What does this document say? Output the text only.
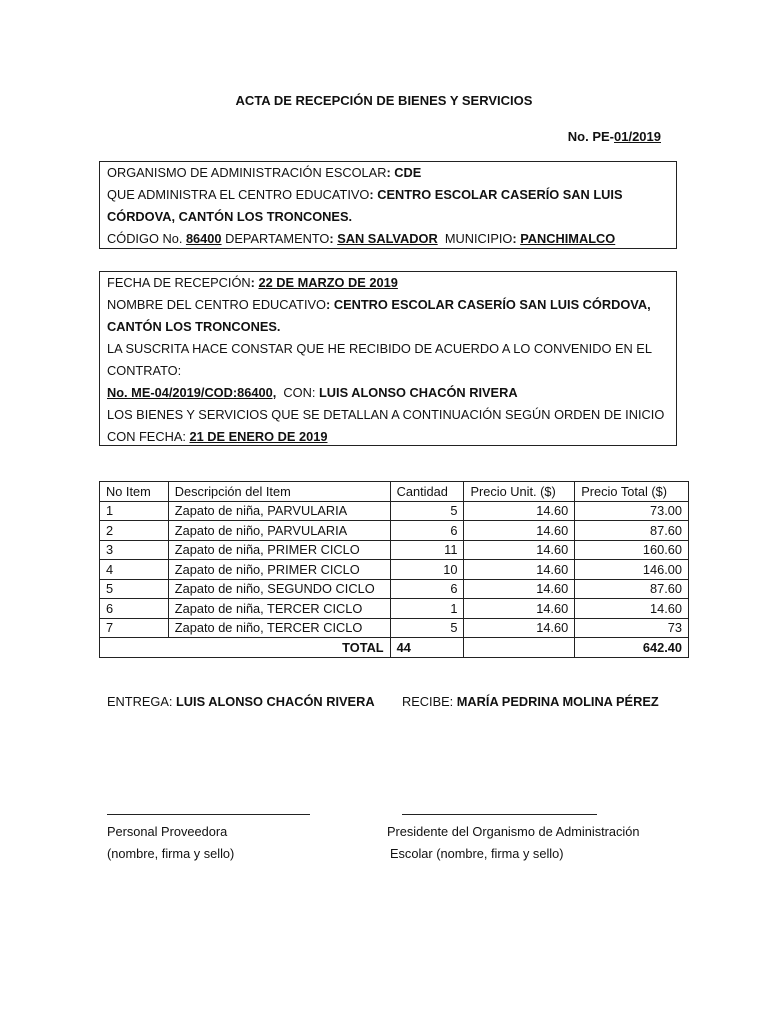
ACTA DE RECEPCIÓN DE BIENES Y SERVICIOS
No. PE-01/2019
ORGANISMO DE ADMINISTRACIÓN ESCOLAR: CDE
QUE ADMINISTRA EL CENTRO EDUCATIVO: CENTRO ESCOLAR CASERÍO SAN LUIS
CÓRDOVA, CANTÓN LOS TRONCONES.
CÓDIGO No. 86400 DEPARTAMENTO: SAN SALVADOR MUNICIPIO: PANCHIMALCO
FECHA DE RECEPCIÓN: 22 DE MARZO DE 2019
NOMBRE DEL CENTRO EDUCATIVO: CENTRO ESCOLAR CASERÍO SAN LUIS CÓRDOVA,
CANTÓN LOS TRONCONES.
LA SUSCRITA HACE CONSTAR QUE HE RECIBIDO DE ACUERDO A LO CONVENIDO EN EL
CONTRATO:
No. ME-04/2019/COD:86400, CON: LUIS ALONSO CHACÓN RIVERA
LOS BIENES Y SERVICIOS QUE SE DETALLAN A CONTINUACIÓN SEGÚN ORDEN DE INICIO
CON FECHA: 21 DE ENERO DE 2019
No Item	Descripción del Item	Cantidad	Precio Unit. ($)	Precio Total ($)
1	Zapato de niña, PARVULARIA	5	14.60	73.00
2	Zapato de niño, PARVULARIA	6	14.60	87.60
3	Zapato de niña, PRIMER CICLO	11	14.60	160.60
4	Zapato de niño, PRIMER CICLO	10	14.60	146.00
5	Zapato de niño, SEGUNDO CICLO	6	14.60	87.60
6	Zapato de niña, TERCER CICLO	1	14.60	14.60
7	Zapato de niño, TERCER CICLO	5	14.60	73
TOTAL		44		642.40
ENTREGA: LUIS ALONSO CHACÓN RIVERA RECIBE: MARÍA PEDRINA MOLINA PÉREZ
Personal Proveedora
(nombre, firma y sello)
Presidente del Organismo de Administración
Escolar (nombre, firma y sello)
